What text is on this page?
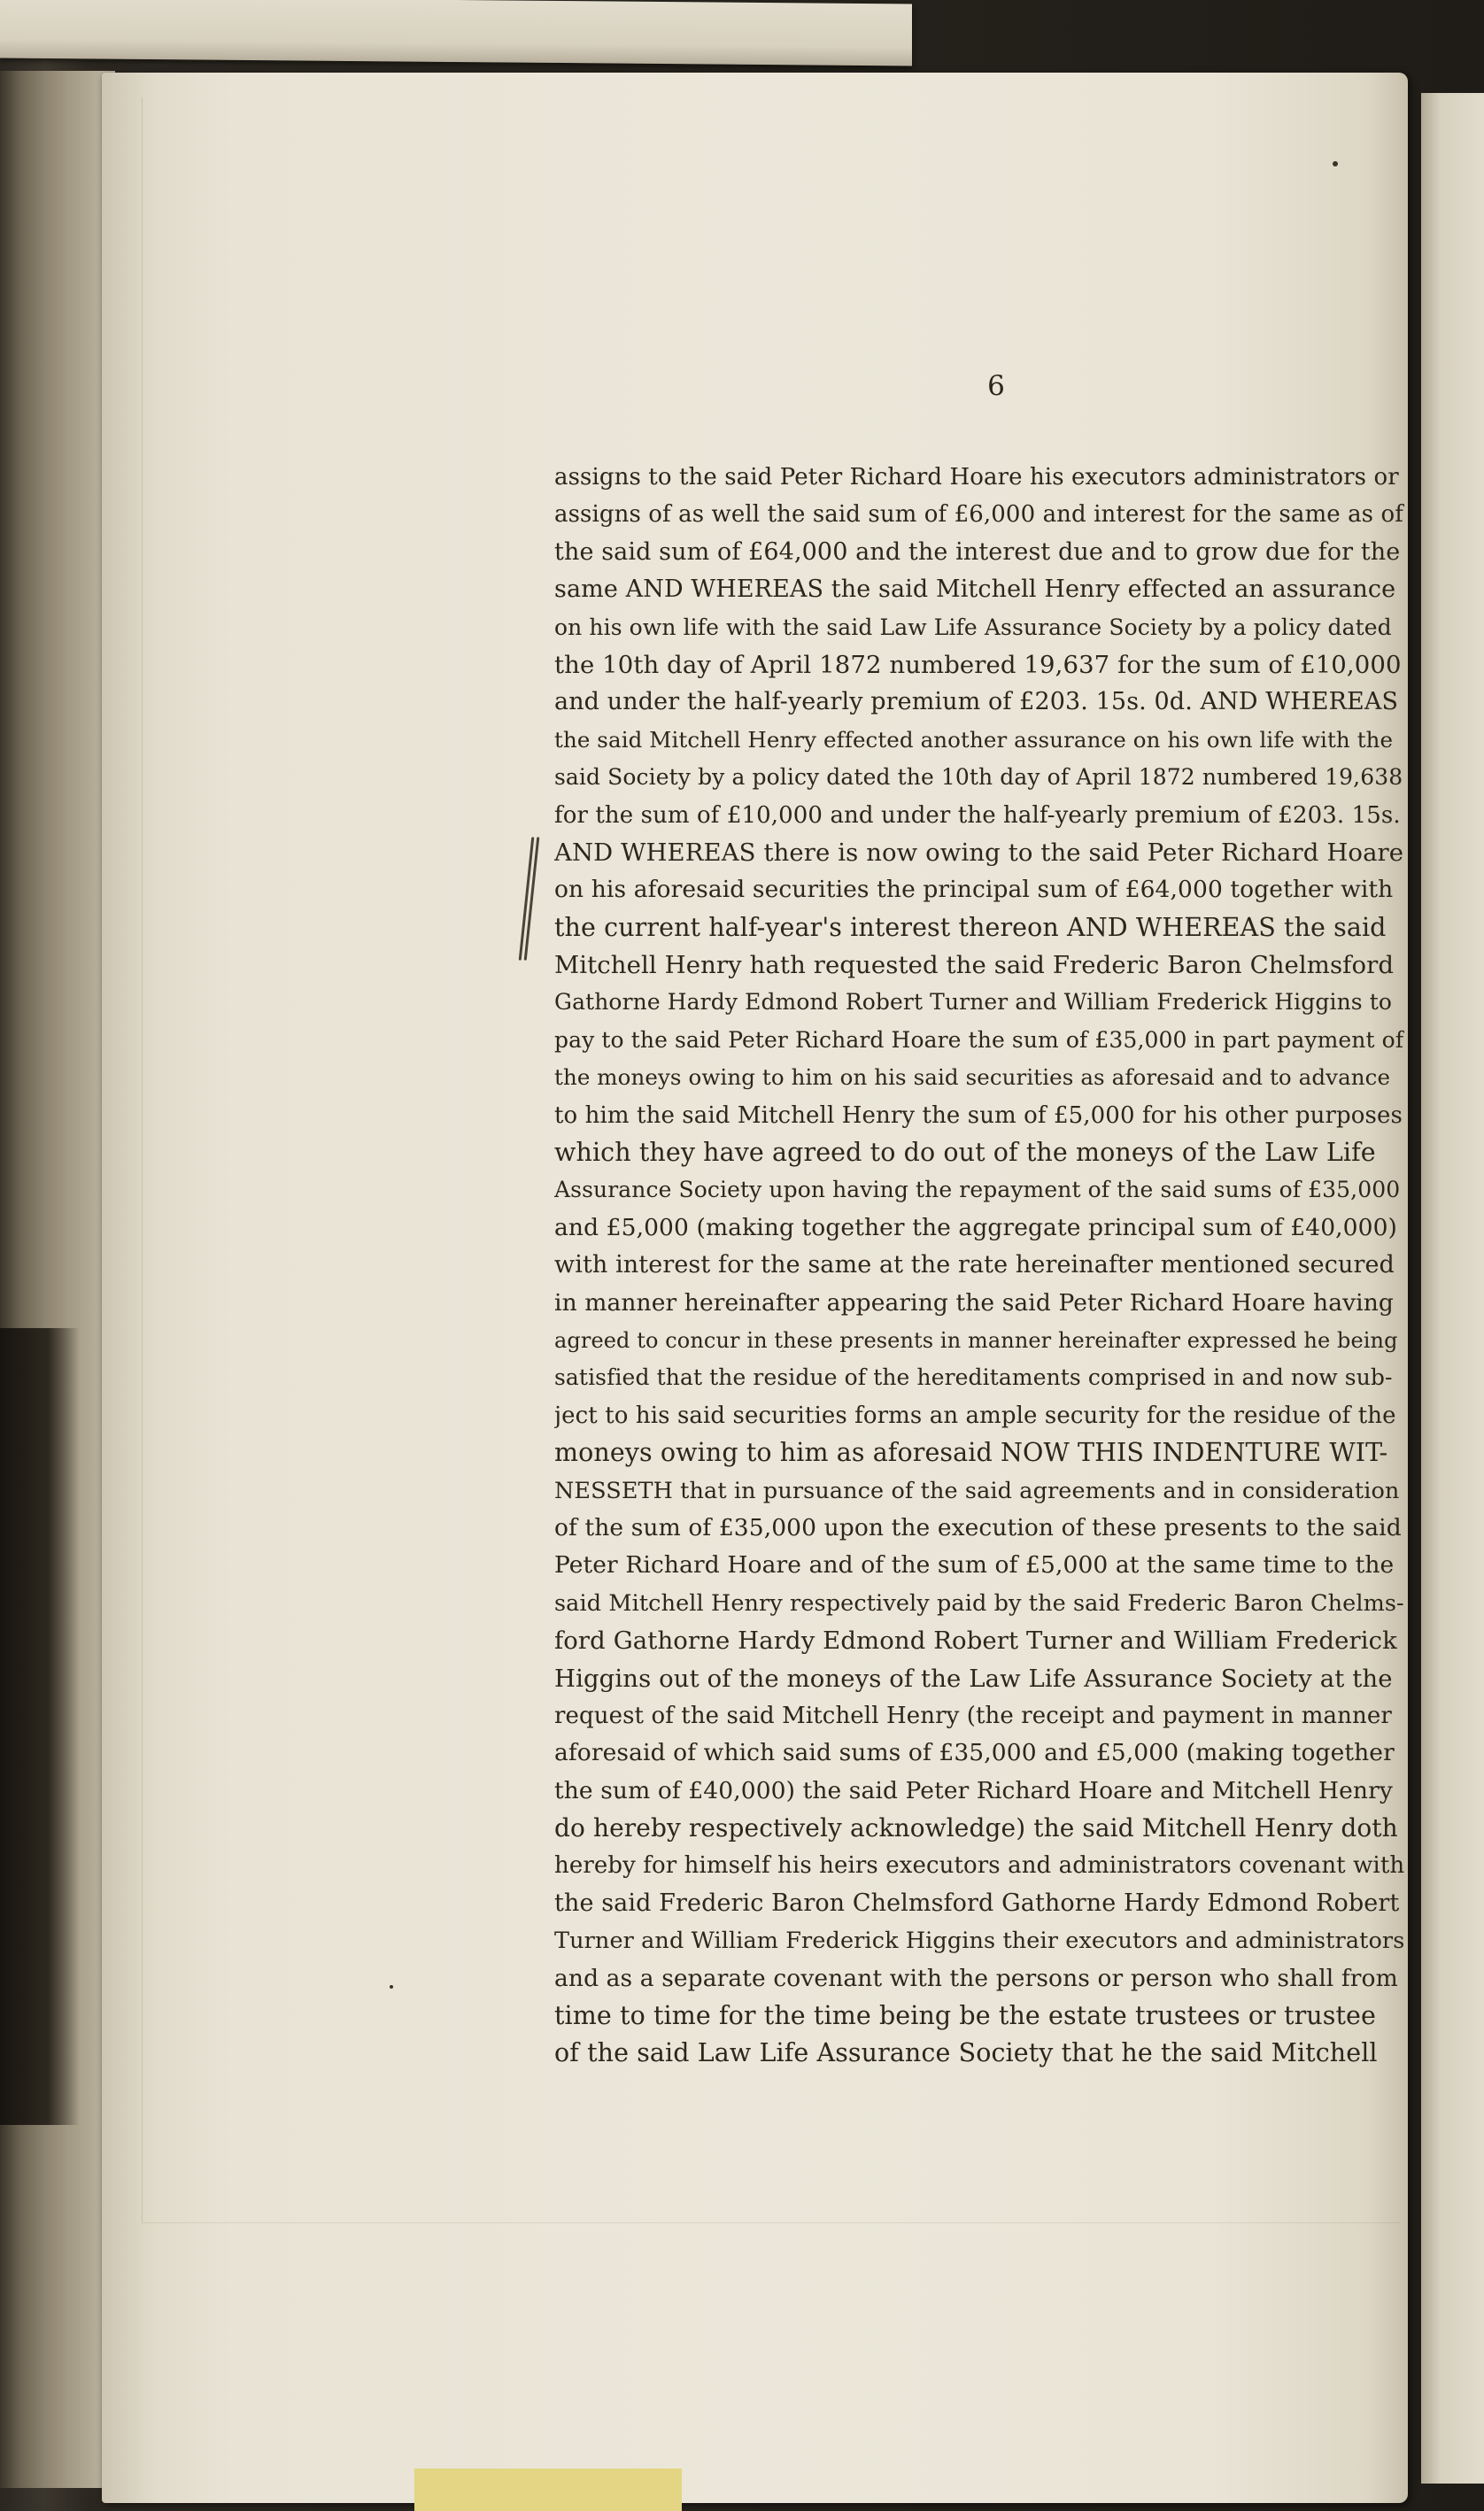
6
assigns to the said Peter Richard Hoare his executors administrators or
assigns of as well the said sum of £6,000 and interest for the same as of
the said sum of £64,000 and the interest due and to grow due for the
same AND WHEREAS the said Mitchell Henry effected an assurance
on his own life with the said Law Life Assurance Society by a policy dated
the 10th day of April 1872 numbered 19,637 for the sum of £10,000
and under the half-yearly premium of £203. 15s. 0d. AND WHEREAS
the said Mitchell Henry effected another assurance on his own life with the
said Society by a policy dated the 10th day of April 1872 numbered 19,638
for the sum of £10,000 and under the half-yearly premium of £203. 15s.
AND WHEREAS there is now owing to the said Peter Richard Hoare
on his aforesaid securities the principal sum of £64,000 together with
the current half-year's interest thereon AND WHEREAS the said
Mitchell Henry hath requested the said Frederic Baron Chelmsford
Gathorne Hardy Edmond Robert Turner and William Frederick Higgins to
pay to the said Peter Richard Hoare the sum of £35,000 in part payment of
the moneys owing to him on his said securities as aforesaid and to advance
to him the said Mitchell Henry the sum of £5,000 for his other purposes
which they have agreed to do out of the moneys of the Law Life
Assurance Society upon having the repayment of the said sums of £35,000
and £5,000 (making together the aggregate principal sum of £40,000)
with interest for the same at the rate hereinafter mentioned secured
in manner hereinafter appearing the said Peter Richard Hoare having
agreed to concur in these presents in manner hereinafter expressed he being
satisfied that the residue of the hereditaments comprised in and now sub-
ject to his said securities forms an ample security for the residue of the
moneys owing to him as aforesaid NOW THIS INDENTURE WIT-
NESSETH that in pursuance of the said agreements and in consideration
of the sum of £35,000 upon the execution of these presents to the said
Peter Richard Hoare and of the sum of £5,000 at the same time to the
said Mitchell Henry respectively paid by the said Frederic Baron Chelms-
ford Gathorne Hardy Edmond Robert Turner and William Frederick
Higgins out of the moneys of the Law Life Assurance Society at the
request of the said Mitchell Henry (the receipt and payment in manner
aforesaid of which said sums of £35,000 and £5,000 (making together
the sum of £40,000) the said Peter Richard Hoare and Mitchell Henry
do hereby respectively acknowledge) the said Mitchell Henry doth
hereby for himself his heirs executors and administrators covenant with
the said Frederic Baron Chelmsford Gathorne Hardy Edmond Robert
Turner and William Frederick Higgins their executors and administrators
and as a separate covenant with the persons or person who shall from
time to time for the time being be the estate trustees or trustee
of the said Law Life Assurance Society that he the said Mitchell
